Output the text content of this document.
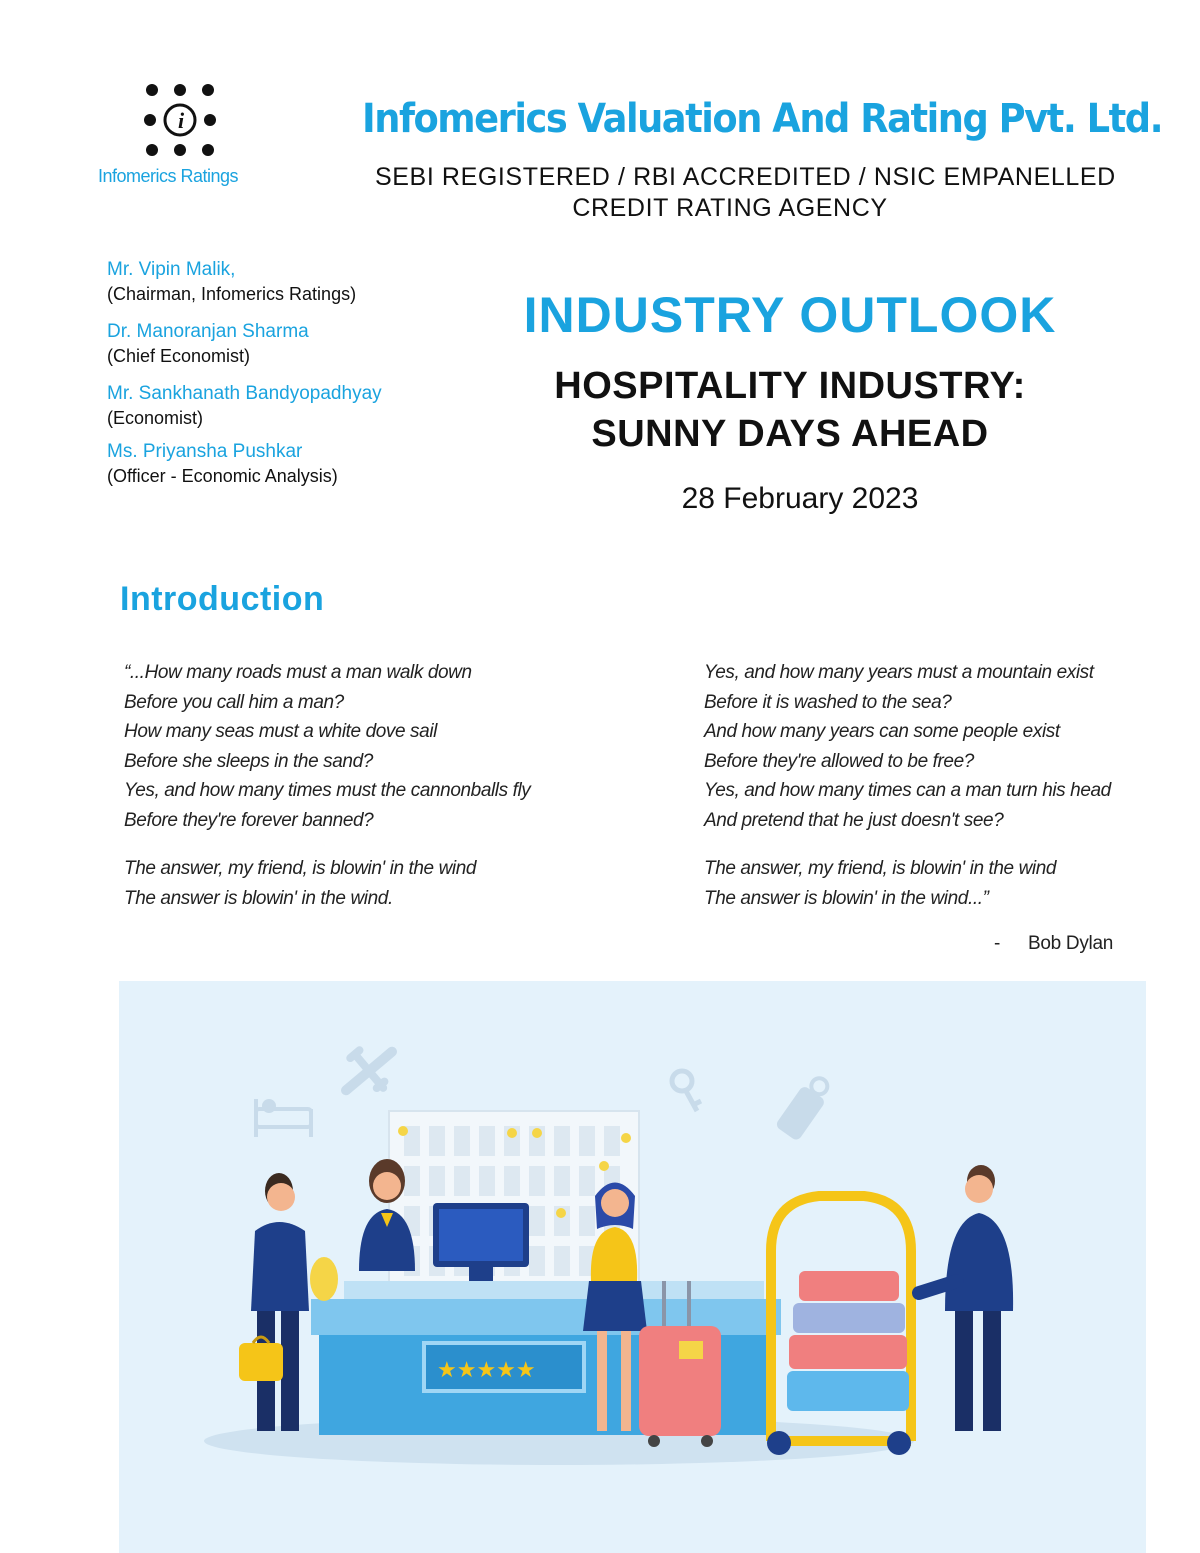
i
Infomerics Ratings
Infomerics Valuation And Rating Pvt. Ltd.
SEBI REGISTERED / RBI ACCREDITED / NSIC EMPANELLED
CREDIT RATING AGENCY
Mr. Vipin Malik,
(Chairman, Infomerics Ratings)
Dr. Manoranjan Sharma
(Chief Economist)
Mr. Sankhanath Bandyopadhyay
(Economist)
Ms. Priyansha Pushkar
(Officer - Economic Analysis)
INDUSTRY OUTLOOK
HOSPITALITY INDUSTRY:
SUNNY DAYS AHEAD
28 February 2023
Introduction
“...How many roads must a man walk down
Before you call him a man?
How many seas must a white dove sail
Before she sleeps in the sand?
Yes, and how many times must the cannonballs fly
Before they're forever banned?
The answer, my friend, is blowin' in the wind
The answer is blowin' in the wind.
Yes, and how many years must a mountain exist
Before it is washed to the sea?
And how many years can some people exist
Before they're allowed to be free?
Yes, and how many times can a man turn his head
And pretend that he just doesn't see?
The answer, my friend, is blowin' in the wind
The answer is blowin' in the wind...”
- Bob Dylan
★★★★★
